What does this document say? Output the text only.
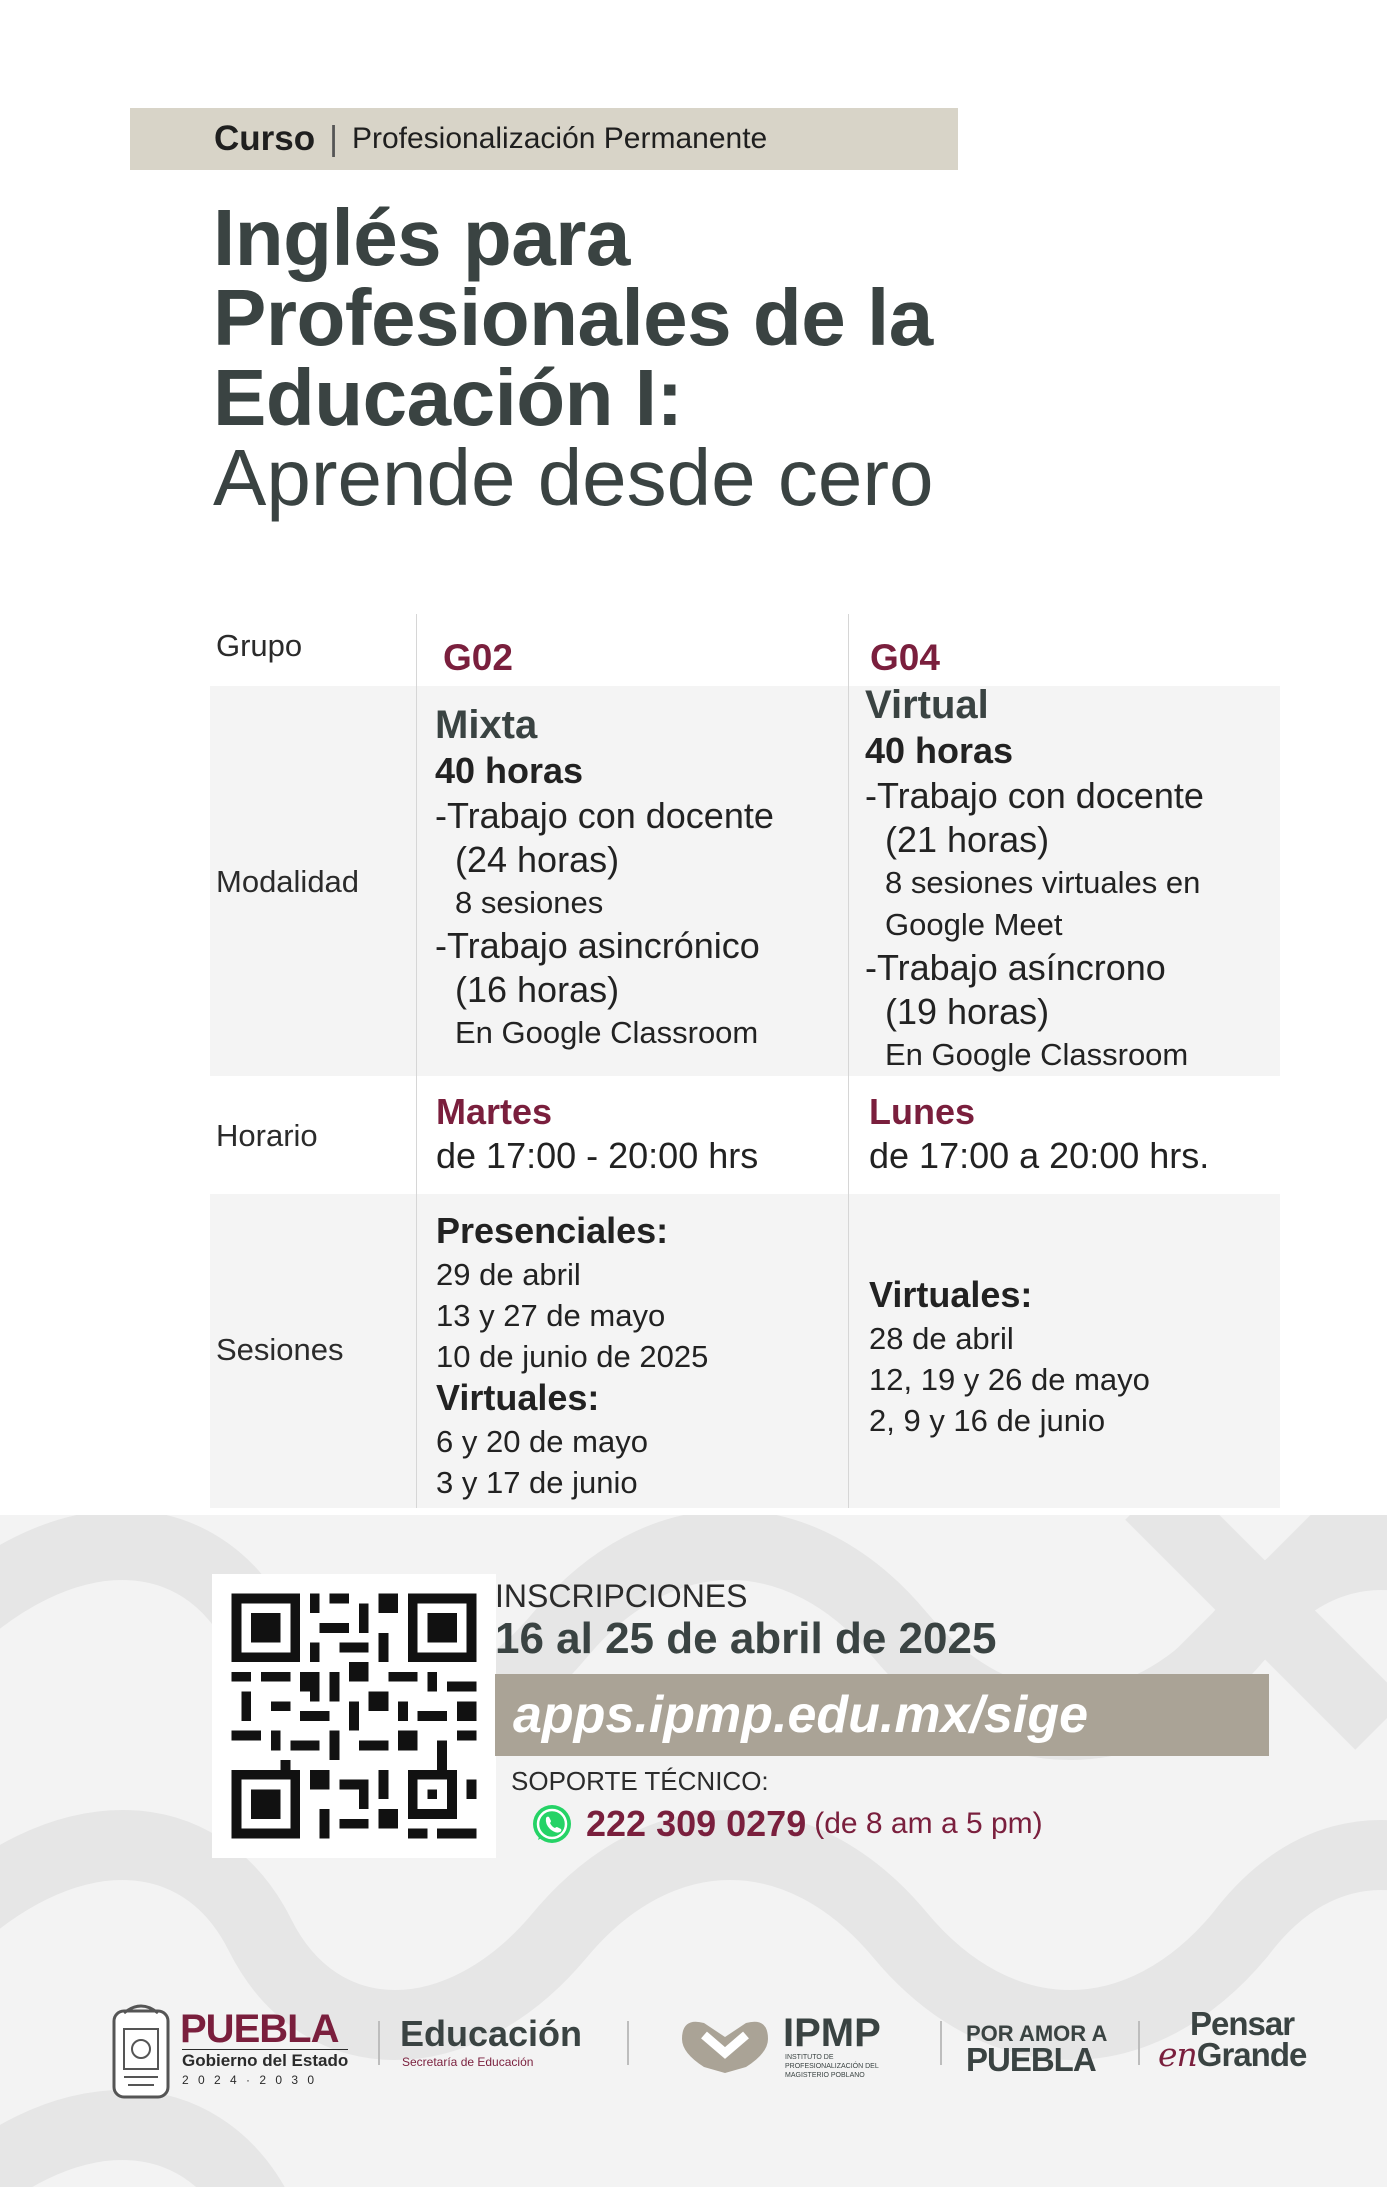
Curso | Profesionalización Permanente
Inglés para
Profesionales de la
Educación I:
Aprende desde cero
Grupo	G02	G04
Modalidad
Mixta
40 horas
-Trabajo con docente
(24 horas)
8 sesiones
-Trabajo asincrónico
(16 horas)
En Google Classroom
Virtual
40 horas
-Trabajo con docente
(21 horas)
8 sesiones virtuales en
Google Meet
-Trabajo asíncrono
(19 horas)
En Google Classroom
Horario
Martes
de 17:00 - 20:00 hrs
Lunes
de 17:00 a 20:00 hrs.
Sesiones
Presenciales:
29 de abril
13 y 27 de mayo
10 de junio de 2025
Virtuales:
6 y 20 de mayo
3 y 17 de junio
Virtuales:
28 de abril
12, 19 y 26 de mayo
2, 9 y 16 de junio
INSCRIPCIONES
16 al 25 de abril de 2025
apps.ipmp.edu.mx/sige
SOPORTE TÉCNICO:
222 309 0279 (de 8 am a 5 pm)
PUEBLA
Gobierno del Estado
2 0 2 4 · 2 0 3 0
Educación
Secretaría de Educación
IPMP
INSTITUTO DE PROFESIONALIZACIÓN DEL MAGISTERIO POBLANO
POR AMOR A
PUEBLA
Pensar
enGrande
